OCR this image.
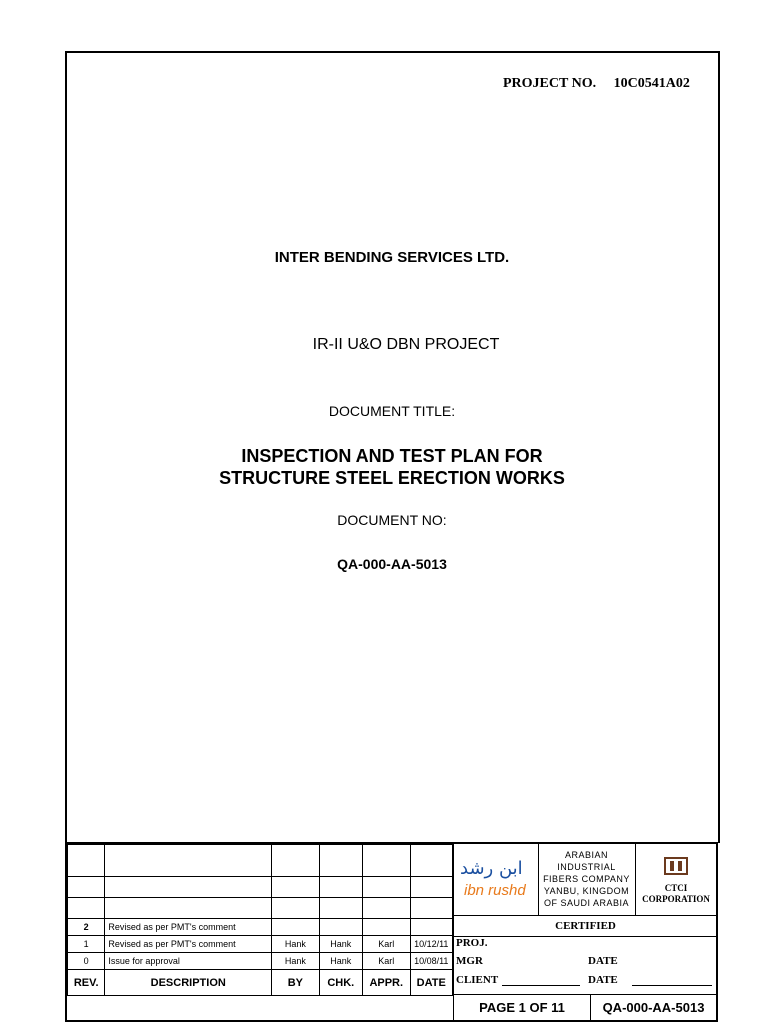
PROJECT NO. 10C0541A02
INTER BENDING SERVICES LTD.
IR-II U&O DBN PROJECT
DOCUMENT TITLE:
INSPECTION AND TEST PLAN FOR
STRUCTURE STEEL ERECTION WORKS
DOCUMENT NO:
QA-000-AA-5013

2	Revised as per PMT's comment				
1	Revised as per PMT's comment	Hank	Hank	Karl	10/12/11
0	Issue for approval	Hank	Hank	Karl	10/08/11
REV.	DESCRIPTION	BY	CHK.	APPR.	DATE
ابن رشد
ibn rushd
ARABIAN
INDUSTRIAL
FIBERS COMPANY
YANBU, KINGDOM
OF SAUDI ARABIA
CTCI
CORPORATION
CERTIFIED
PROJ.
MGR	DATE
CLIENT	DATE
PAGE 1 OF 11	QA-000-AA-5013
